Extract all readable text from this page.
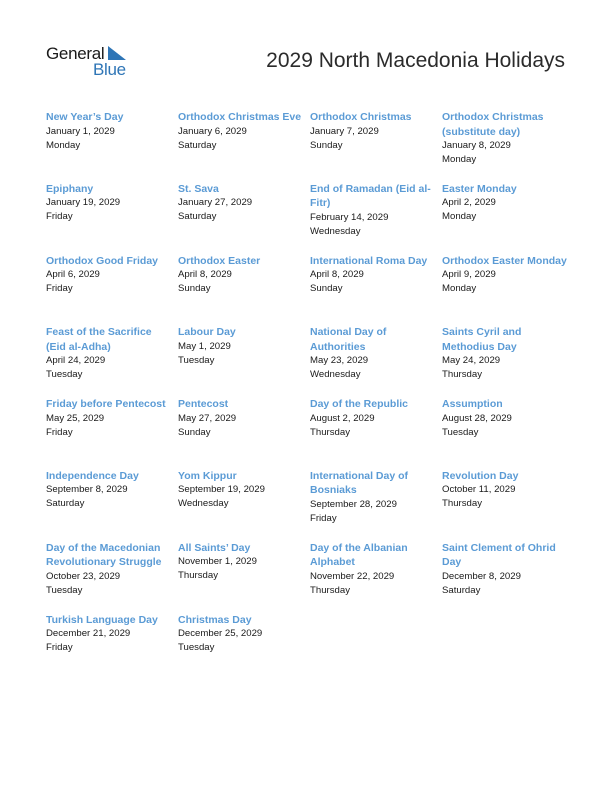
General
Blue	2029 North Macedonia Holidays
New Year’s Day
January 1, 2029
Monday
Orthodox Christmas Eve
January 6, 2029
Saturday
Orthodox Christmas
January 7, 2029
Sunday
Orthodox Christmas (substitute day)
January 8, 2029
Monday
Epiphany
January 19, 2029
Friday
St. Sava
January 27, 2029
Saturday
End of Ramadan (Eid al-Fitr)
February 14, 2029
Wednesday
Easter Monday
April 2, 2029
Monday
Orthodox Good Friday
April 6, 2029
Friday
Orthodox Easter
April 8, 2029
Sunday
International Roma Day
April 8, 2029
Sunday
Orthodox Easter Monday
April 9, 2029
Monday
Feast of the Sacrifice (Eid al-Adha)
April 24, 2029
Tuesday
Labour Day
May 1, 2029
Tuesday
National Day of Authorities
May 23, 2029
Wednesday
Saints Cyril and Methodius Day
May 24, 2029
Thursday
Friday before Pentecost
May 25, 2029
Friday
Pentecost
May 27, 2029
Sunday
Day of the Republic
August 2, 2029
Thursday
Assumption
August 28, 2029
Tuesday
Independence Day
September 8, 2029
Saturday
Yom Kippur
September 19, 2029
Wednesday
International Day of Bosniaks
September 28, 2029
Friday
Revolution Day
October 11, 2029
Thursday
Day of the Macedonian Revolutionary Struggle
October 23, 2029
Tuesday
All Saints’ Day
November 1, 2029
Thursday
Day of the Albanian Alphabet
November 22, 2029
Thursday
Saint Clement of Ohrid Day
December 8, 2029
Saturday
Turkish Language Day
December 21, 2029
Friday
Christmas Day
December 25, 2029
Tuesday
